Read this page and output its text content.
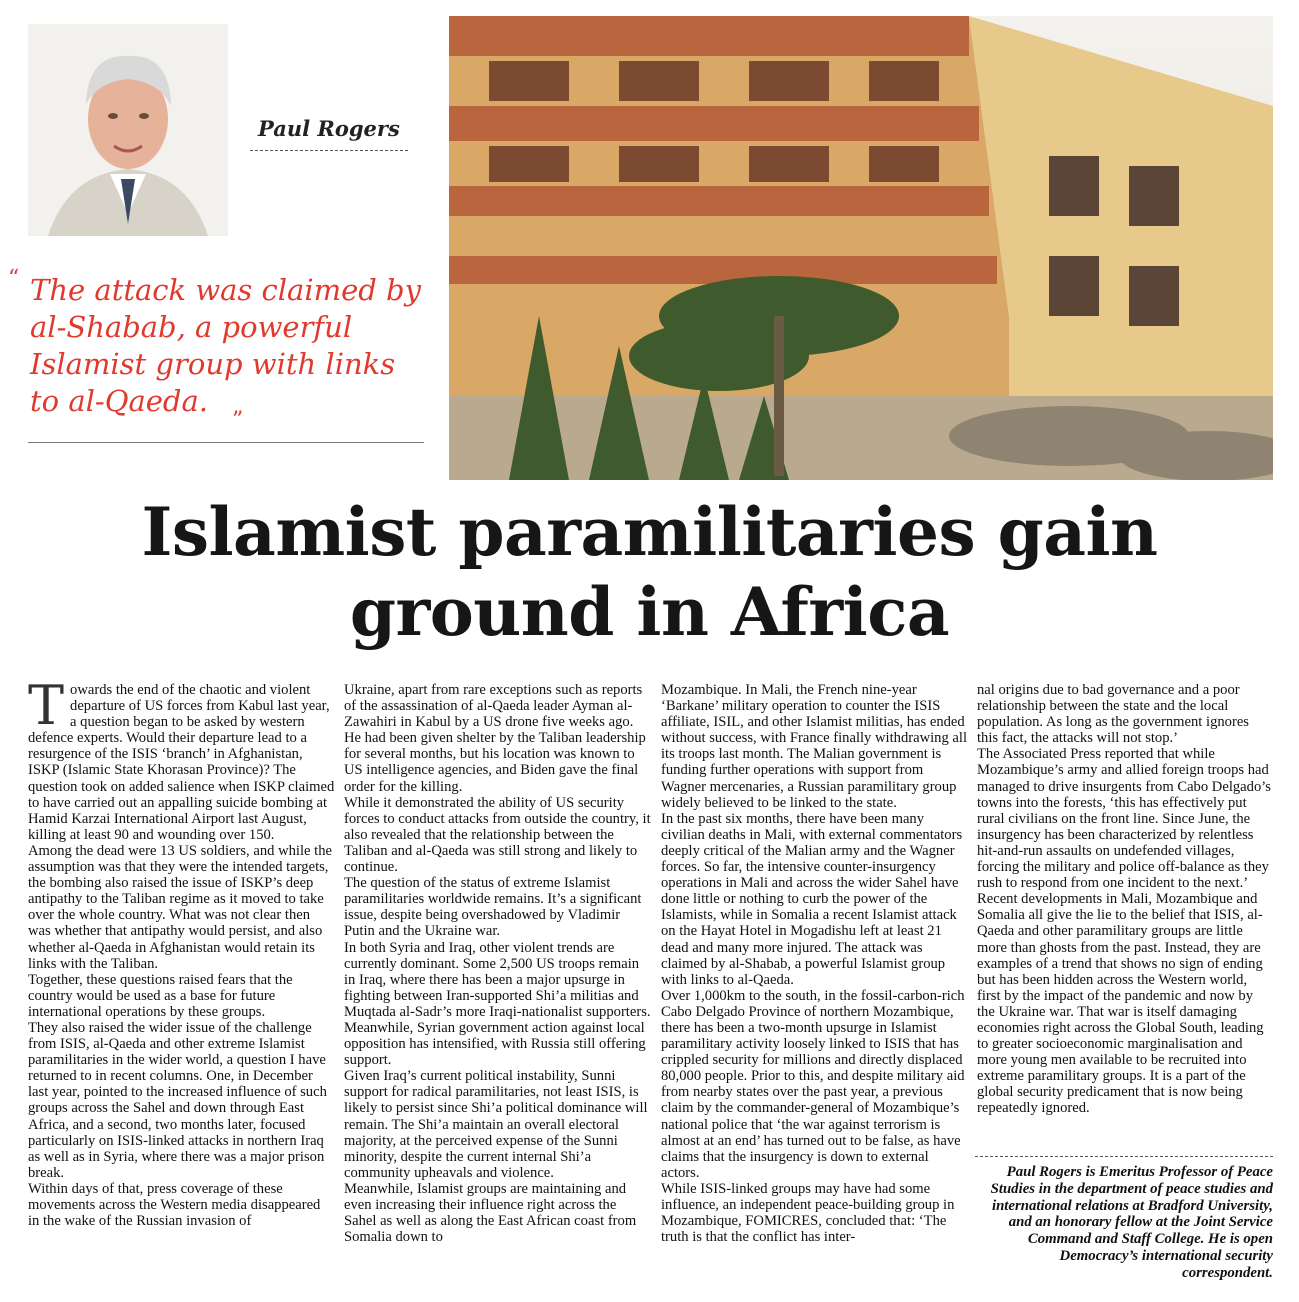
Paul Rogers
“ The attack was claimed by al-Shabab, a powerful Islamist group with links to al-Qaeda.
”
Islamist paramilitaries gain
ground in Africa
T owards the end of the chaotic and violent departure of US forces from Kabul last year, a question began to be asked by western defence experts. Would their departure lead to a resurgence of the ISIS ‘branch’ in Afghanistan, ISKP (Islamic State Khorasan Province)? The question took on added salience when ISKP claimed to have carried out an appalling suicide bombing at Hamid Karzai International Airport last August, killing at least 90 and wounding over 150.

Among the dead were 13 US soldiers, and while the assumption was that they were the intended targets, the bombing also raised the issue of ISKP’s deep antipathy to the Taliban regime as it moved to take over the whole country. What was not clear then was whether that antipathy would persist, and also whether al-Qaeda in Afghanistan would retain its links with the Taliban.

Together, these questions raised fears that the country would be used as a base for future international operations by these groups.

They also raised the wider issue of the challenge from ISIS, al-Qaeda and other extreme Islamist paramilitaries in the wider world, a question I have returned to in recent columns. One, in December last year, pointed to the increased influence of such groups across the Sahel and down through East Africa, and a second, two months later, focused particularly on ISIS-linked attacks in northern Iraq as well as in Syria, where there was a major prison break.

Within days of that, press coverage of these movements across the Western media disappeared in the wake of the Russian invasion of

Ukraine, apart from rare exceptions such as reports of the assassination of al-Qaeda leader Ayman al-Zawahiri in Kabul by a US drone five weeks ago.

He had been given shelter by the Taliban leadership for several months, but his location was known to US intelligence agencies, and Biden gave the final order for the killing.

While it demonstrated the ability of US security forces to conduct attacks from outside the country, it also revealed that the relationship between the Taliban and al-Qaeda was still strong and likely to continue.

The question of the status of extreme Islamist paramilitaries worldwide remains. It’s a significant issue, despite being overshadowed by Vladimir Putin and the Ukraine war.

In both Syria and Iraq, other violent trends are currently dominant. Some 2,500 US troops remain in Iraq, where there has been a major upsurge in fighting between Iran-supported Shi’a militias and Muqtada al-Sadr’s more Iraqi-nationalist supporters. Meanwhile, Syrian government action against local opposition has intensified, with Russia still offering support.

Given Iraq’s current political instability, Sunni support for radical paramilitaries, not least ISIS, is likely to persist since Shi’a political dominance will remain. The Shi’a maintain an overall electoral majority, at the perceived expense of the Sunni minority, despite the current internal Shi’a community upheavals and violence.

Meanwhile, Islamist groups are maintaining and even increasing their influence right across the Sahel as well as along the East African coast from Somalia down to

Mozambique. In Mali, the French nine-year ‘Barkane’ military operation to counter the ISIS affiliate, ISIL, and other Islamist militias, has ended without success, with France finally withdrawing all its troops last month. The Malian government is funding further operations with support from Wagner mercenaries, a Russian paramilitary group widely believed to be linked to the state.

In the past six months, there have been many civilian deaths in Mali, with external commentators deeply critical of the Malian army and the Wagner forces. So far, the intensive counter-insurgency operations in Mali and across the wider Sahel have done little or nothing to curb the power of the Islamists, while in Somalia a recent Islamist attack on the Hayat Hotel in Mogadishu left at least 21 dead and many more injured. The attack was claimed by al-Shabab, a powerful Islamist group with links to al-Qaeda.

Over 1,000km to the south, in the fossil-carbon-rich Cabo Delgado Province of northern Mozambique, there has been a two-month upsurge in Islamist paramilitary activity loosely linked to ISIS that has crippled security for millions and directly displaced 80,000 people. Prior to this, and despite military aid from nearby states over the past year, a previous claim by the commander-general of Mozambique’s national police that ‘the war against terrorism is almost at an end’ has turned out to be false, as have claims that the insurgency is down to external actors.

While ISIS-linked groups may have had some influence, an independent peace-building group in Mozambique, FOMICRES, concluded that: ‘The truth is that the conflict has inter-

nal origins due to bad governance and a poor relationship between the state and the local population. As long as the government ignores this fact, the attacks will not stop.’

The Associated Press reported that while Mozambique’s army and allied foreign troops had managed to drive insurgents from Cabo Delgado’s towns into the forests, ‘this has effectively put rural civilians on the front line. Since June, the insurgency has been characterized by relentless hit-and-run assaults on undefended villages, forcing the military and police off-balance as they rush to respond from one incident to the next.’

Recent developments in Mali, Mozambique and Somalia all give the lie to the belief that ISIS, al-Qaeda and other paramilitary groups are little more than ghosts from the past. Instead, they are examples of a trend that shows no sign of ending but has been hidden across the Western world, first by the impact of the pandemic and now by the Ukraine war. That war is itself damaging economies right across the Global South, leading to greater socioeconomic marginalisation and more young men available to be recruited into extreme paramilitary groups. It is a part of the global security predicament that is now being repeatedly ignored.

Paul Rogers is Emeritus Professor of Peace Studies in the department of peace studies and international relations at Bradford University, and an honorary fellow at the Joint Service Command and Staff College. He is open Democracy’s international security correspondent.
